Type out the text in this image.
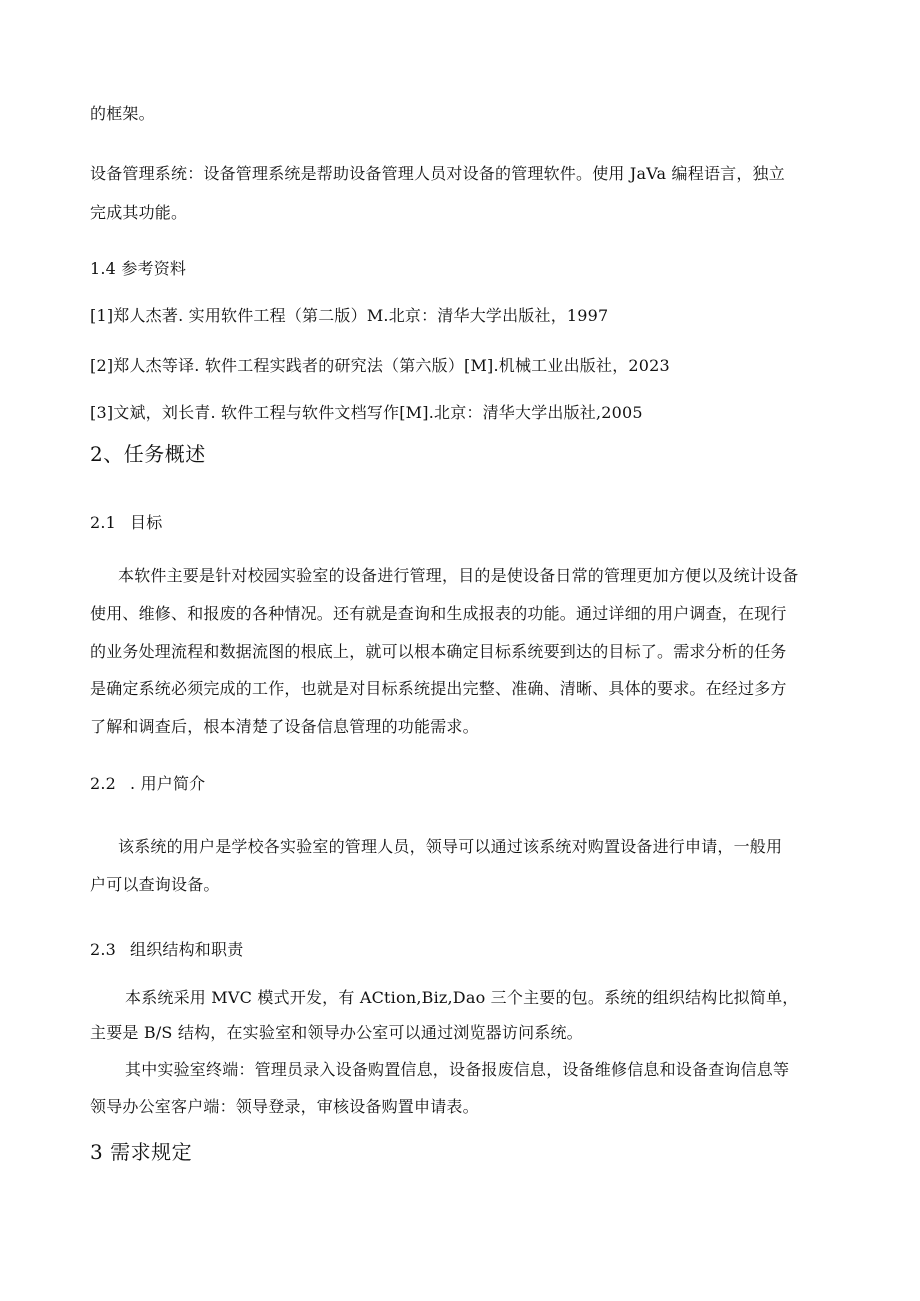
的框架。
设备管理系统：设备管理系统是帮助设备管理人员对设备的管理软件。使用 JaVa 编程语言，独立
完成其功能。
1.4 参考资料
[1]郑人杰著. 实用软件工程（第二版）M.北京：清华大学出版社，1997
[2]郑人杰等译. 软件工程实践者的研究法（第六版）[M].机械工业出版社，2023
[3]文斌，刘长青. 软件工程与软件文档写作[M].北京：清华大学出版社,2005
2、任务概述
2.1 目标
本软件主要是针对校园实验室的设备进行管理，目的是使设备日常的管理更加方便以及统计设备
使用、维修、和报废的各种情况。还有就是查询和生成报表的功能。通过详细的用户调查，在现行
的业务处理流程和数据流图的根底上，就可以根本确定目标系统要到达的目标了。需求分析的任务
是确定系统必须完成的工作，也就是对目标系统提出完整、准确、清晰、具体的要求。在经过多方
了解和调查后，根本清楚了设备信息管理的功能需求。
2.2 . 用户简介
该系统的用户是学校各实验室的管理人员，领导可以通过该系统对购置设备进行申请，一般用
户可以查询设备。
2.3 组织结构和职责
本系统采用 MVC 模式开发，有 ACtion,Biz,Dao 三个主要的包。系统的组织结构比拟简单，
主要是 B/S 结构，在实验室和领导办公室可以通过浏览器访问系统。
其中实验室终端：管理员录入设备购置信息，设备报废信息，设备维修信息和设备查询信息等
领导办公室客户端：领导登录，审核设备购置申请表。
3 需求规定
